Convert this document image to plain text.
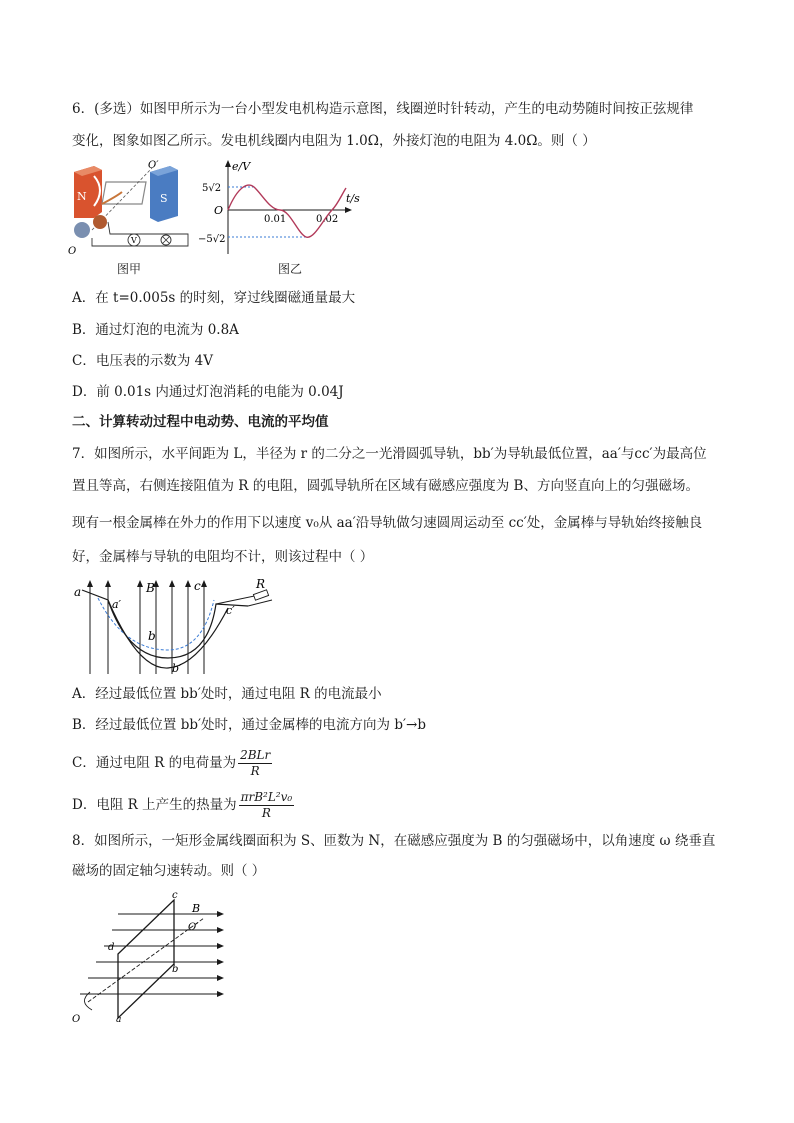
6．(多选）如图甲所示为一台小型发电机构造示意图，线圈逆时针转动，产生的电动势随时间按正弦规律
变化，图象如图乙所示。发电机线圈内电阻为 1.0Ω，外接灯泡的电阻为 4.0Ω。则（ ）
N	S
O′
O
V
图甲
e/V
t/s
O
5√2
−5√2
0.01	0.02
图乙
A．在 t=0.005s 的时刻，穿过线圈磁通量最大
B．通过灯泡的电流为 0.8A
C．电压表的示数为 4V
D．前 0.01s 内通过灯泡消耗的电能为 0.04J
二、计算转动过程中电动势、电流的平均值
7．如图所示，水平间距为 L，半径为 r 的二分之一光滑圆弧导轨，bb′为导轨最低位置，aa′与cc′为最高位
置且等高，右侧连接阻值为 R 的电阻，圆弧导轨所在区域有磁感应强度为 B、方向竖直向上的匀强磁场。
现有一根金属棒在外力的作用下以速度 v₀从 aa′沿导轨做匀速圆周运动至 cc′处，金属棒与导轨始终接触良
好，金属棒与导轨的电阻均不计，则该过程中（ ）
a
a′
B	c
c′
R
b
b′
A．经过最低位置 bb′处时，通过电阻 R 的电流最小
B．经过最低位置 bb′处时，通过金属棒的电流方向为 b′→b
C．通过电阻 R 的电荷量为 $\frac{\text{2BLr}}{R}$
D．电阻 R 上产生的热量为 $\frac{\text{πrB²L²v₀}}{R}$
8．如图所示，一矩形金属线圈面积为 S、匝数为 N，在磁感应强度为 B 的匀强磁场中，以角速度 ω 绕垂直
磁场的固定轴匀速转动。则（ ）
c
B
O′
d
b
O	a
